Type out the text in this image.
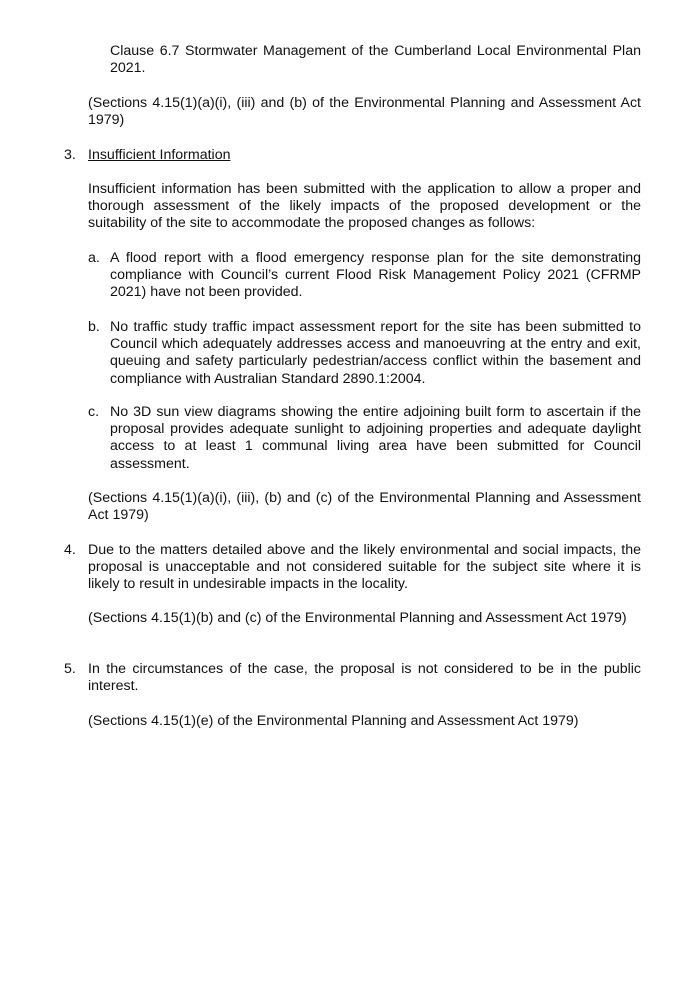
Clause 6.7 Stormwater Management of the Cumberland Local Environmental Plan 2021.
(Sections 4.15(1)(a)(i), (iii) and (b) of the Environmental Planning and Assessment Act 1979)
3. Insufficient Information
Insufficient information has been submitted with the application to allow a proper and thorough assessment of the likely impacts of the proposed development or the suitability of the site to accommodate the proposed changes as follows:
a. A flood report with a flood emergency response plan for the site demonstrating compliance with Council’s current Flood Risk Management Policy 2021 (CFRMP 2021) have not been provided.
b. No traffic study traffic impact assessment report for the site has been submitted to Council which adequately addresses access and manoeuvring at the entry and exit, queuing and safety particularly pedestrian/access conflict within the basement and compliance with Australian Standard 2890.1:2004.
c. No 3D sun view diagrams showing the entire adjoining built form to ascertain if the proposal provides adequate sunlight to adjoining properties and adequate daylight access to at least 1 communal living area have been submitted for Council assessment.
(Sections 4.15(1)(a)(i), (iii), (b) and (c) of the Environmental Planning and Assessment Act 1979)
4. Due to the matters detailed above and the likely environmental and social impacts, the proposal is unacceptable and not considered suitable for the subject site where it is likely to result in undesirable impacts in the locality.
(Sections 4.15(1)(b) and (c) of the Environmental Planning and Assessment Act 1979)
5. In the circumstances of the case, the proposal is not considered to be in the public interest.
(Sections 4.15(1)(e) of the Environmental Planning and Assessment Act 1979)
